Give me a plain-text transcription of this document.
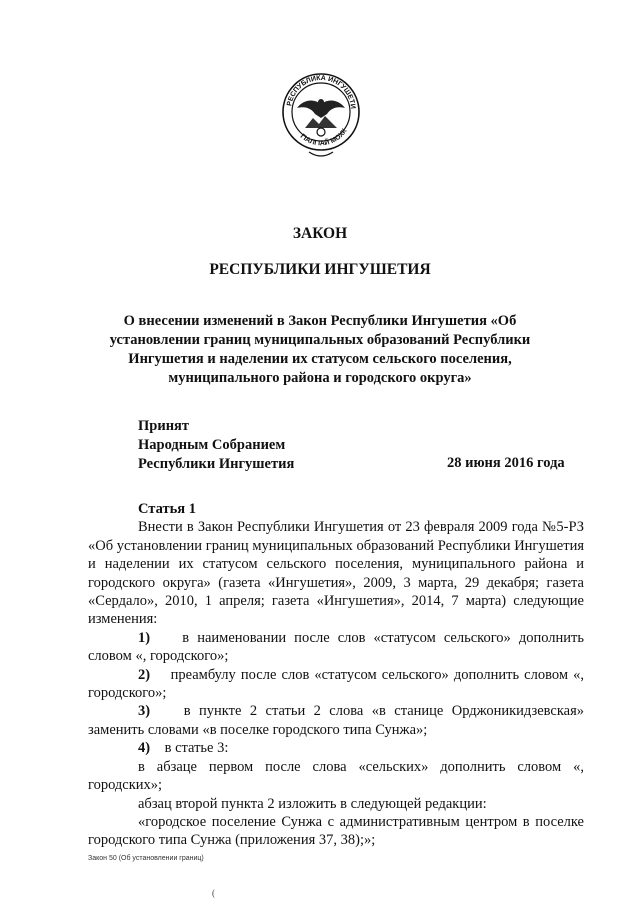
РЕСПУБЛИКА ИНГУШЕТИ
ГIАЛГIАЙ МОХК
ЗАКОН
РЕСПУБЛИКИ ИНГУШЕТИЯ
О внесении изменений в Закон Республики Ингушетия «Об
установлении границ муниципальных образований Республики
Ингушетия и наделении их статусом сельского поселения,
муниципального района и городского округа»
Принят
Народным Собранием
Республики Ингушетия	28 июня 2016 года
Статья 1

Внести в Закон Республики Ингушетия от 23 февраля 2009 года №5-РЗ «Об установлении границ муниципальных образований Республики Ингушетия и наделении их статусом сельского поселения, муниципального района и городского округа» (газета «Ингушетия», 2009, 3 марта, 29 декабря; газета «Сердало», 2010, 1 апреля; газета «Ингушетия», 2014, 7 марта) следующие изменения:

1) в наименовании после слов «статусом сельского» дополнить словом «, городского»;

2) преамбулу после слов «статусом сельского» дополнить словом «, городского»;

3) в пункте 2 статьи 2 слова «в станице Орджоникидзевская» заменить словами «в поселке городского типа Сунжа»;

4) в статье 3:

в абзаце первом после слова «сельских» дополнить словом «, городских»;

абзац второй пункта 2 изложить в следующей редакции:

«городское поселение Сунжа с административным центром в поселке городского типа Сунжа (приложения 37, 38);»;

Закон 50 (Об установлении границ)
(
